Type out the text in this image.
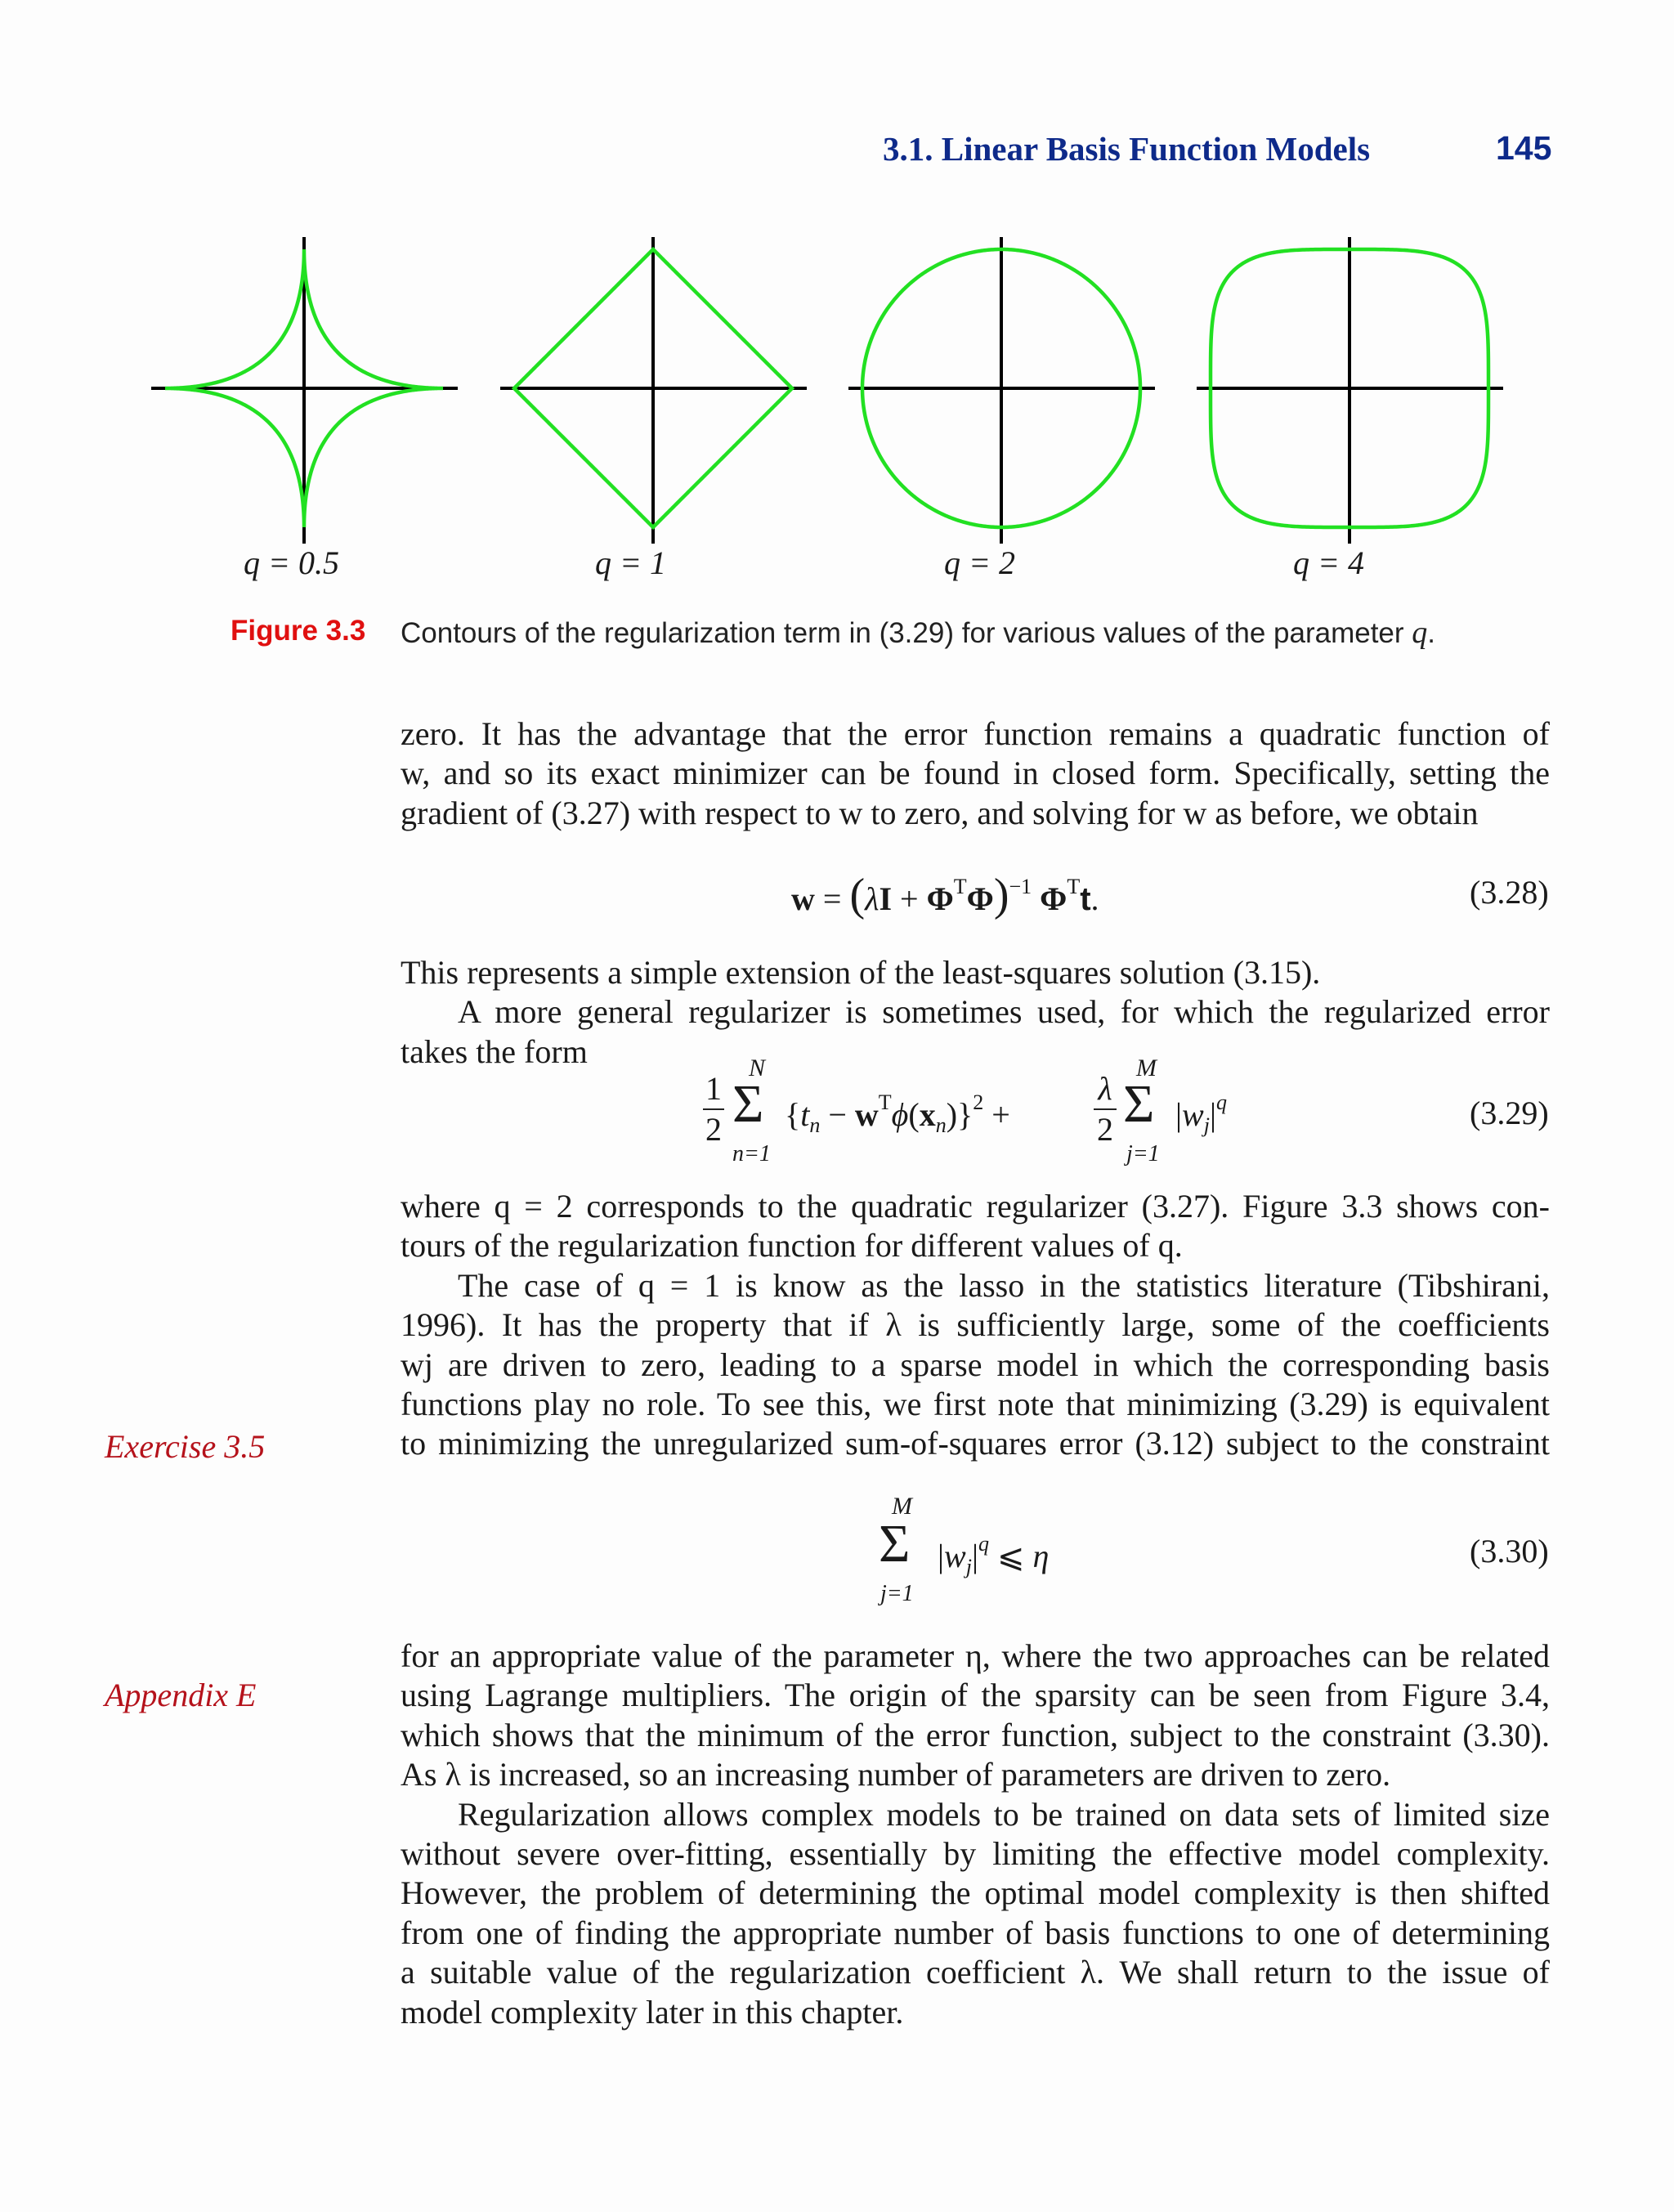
3.1. Linear Basis Function Models	145
q = 0.5	q = 1	q = 2	q = 4
Figure 3.3 Contours of the regularization term in (3.29) for various values of the parameter q.
zero. It has the advantage that the error function remains a quadratic function of
w, and so its exact minimizer can be found in closed form. Specifically, setting the
gradient of (3.27) with respect to w to zero, and solving for w as before, we obtain
$w = (\lambda I + \Phi^T\Phi)^{-1}$ $\Phi^Tt$.	(3.28)
This represents a simple extension of the least-squares solution (3.15).
A more general regularizer is sometimes used, for which the regularized error
takes the form
1
2
N
Σ
n=1
$\{t_n - w^T\phi(x_n)\}^2$ +
λ
2
M
Σ
j=1
$|w_j|^q$	(3.29)
where q = 2 corresponds to the quadratic regularizer (3.27). Figure 3.3 shows con-
tours of the regularization function for different values of q.
The case of q = 1 is know as the lasso in the statistics literature (Tibshirani,
1996). It has the property that if λ is sufficiently large, some of the coefficients
wj are driven to zero, leading to a sparse model in which the corresponding basis
functions play no role. To see this, we first note that minimizing (3.29) is equivalent
to minimizing the unregularized sum-of-squares error (3.12) subject to the constraint
Exercise 3.5
M
Σ
j=1
$|w_j|^q$ ⩽ η	(3.30)
for an appropriate value of the parameter η, where the two approaches can be related
using Lagrange multipliers. The origin of the sparsity can be seen from Figure 3.4,
which shows that the minimum of the error function, subject to the constraint (3.30).
As λ is increased, so an increasing number of parameters are driven to zero.
Regularization allows complex models to be trained on data sets of limited size
without severe over-fitting, essentially by limiting the effective model complexity.
However, the problem of determining the optimal model complexity is then shifted
from one of finding the appropriate number of basis functions to one of determining
a suitable value of the regularization coefficient λ. We shall return to the issue of
model complexity later in this chapter.
Appendix E
